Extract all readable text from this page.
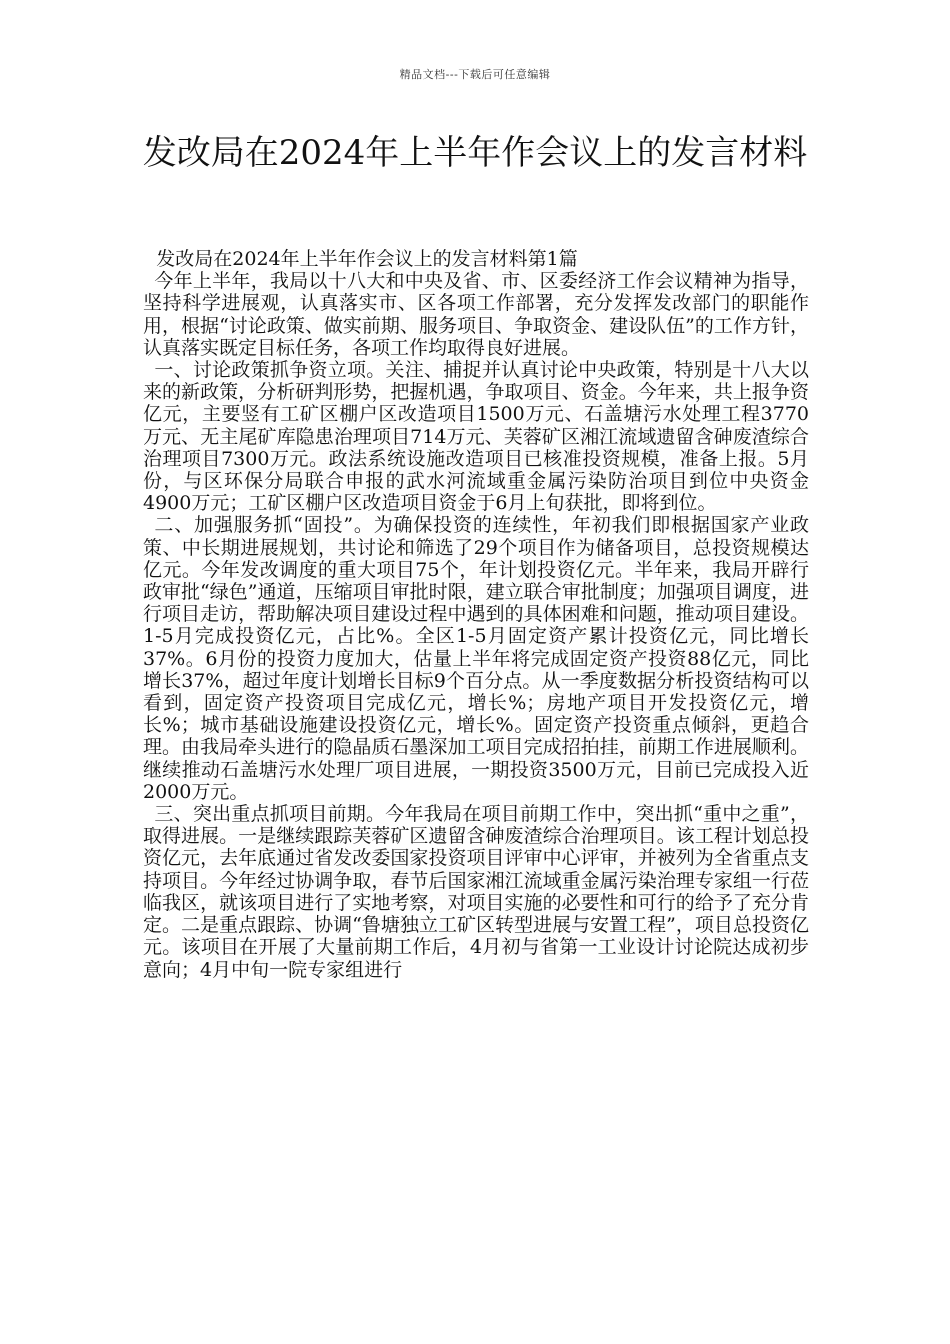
精品文档---下载后可任意编辑
发改局在2024年上半年作会议上的发言材料

发改局在2024年上半年作会议上的发言材料第1篇

今年上半年，我局以十八大和中央及省、市、区委经济工作会议精神为指导，坚持科学进展观，认真落实市、区各项工作部署，充分发挥发改部门的职能作用，根据“讨论政策、做实前期、服务项目、争取资金、建设队伍”的工作方针，认真落实既定目标任务，各项工作均取得良好进展。

一、讨论政策抓争资立项。关注、捕捉并认真讨论中央政策，特别是十八大以来的新政策，分析研判形势，把握机遇，争取项目、资金。今年来，共上报争资亿元，主要竖有工矿区棚户区改造项目1500万元、石盖塘污水处理工程3770万元、无主尾矿库隐患治理项目714万元、芙蓉矿区湘江流域遗留含砷废渣综合治理项目7300万元。政法系统设施改造项目已核准投资规模，准备上报。5月份，与区环保分局联合申报的武水河流域重金属污染防治项目到位中央资金4900万元；工矿区棚户区改造项目资金于6月上旬获批，即将到位。

二、加强服务抓“固投”。为确保投资的连续性，年初我们即根据国家产业政策、中长期进展规划，共讨论和筛选了29个项目作为储备项目，总投资规模达亿元。今年发改调度的重大项目75个，年计划投资亿元。半年来，我局开辟行政审批“绿色”通道，压缩项目审批时限，建立联合审批制度；加强项目调度，进行项目走访，帮助解决项目建设过程中遇到的具体困难和问题，推动项目建设。1-5月完成投资亿元，占比%。全区1-5月固定资产累计投资亿元，同比增长37%。6月份的投资力度加大，估量上半年将完成固定资产投资88亿元，同比增长37%，超过年度计划增长目标9个百分点。从一季度数据分析投资结构可以看到，固定资产投资项目完成亿元，增长%；房地产项目开发投资亿元，增长%；城市基础设施建设投资亿元，增长%。固定资产投资重点倾斜，更趋合理。由我局牵头进行的隐晶质石墨深加工项目完成招拍挂，前期工作进展顺利。继续推动石盖塘污水处理厂项目进展，一期投资3500万元，目前已完成投入近2000万元。

三、突出重点抓项目前期。今年我局在项目前期工作中，突出抓“重中之重”，取得进展。一是继续跟踪芙蓉矿区遗留含砷废渣综合治理项目。该工程计划总投资亿元，去年底通过省发改委国家投资项目评审中心评审，并被列为全省重点支持项目。今年经过协调争取，春节后国家湘江流域重金属污染治理专家组一行莅临我区，就该项目进行了实地考察，对项目实施的必要性和可行的给予了充分肯定。二是重点跟踪、协调“鲁塘独立工矿区转型进展与安置工程”，项目总投资亿元。该项目在开展了大量前期工作后，4月初与省第一工业设计讨论院达成初步意向；4月中旬一院专家组进行
